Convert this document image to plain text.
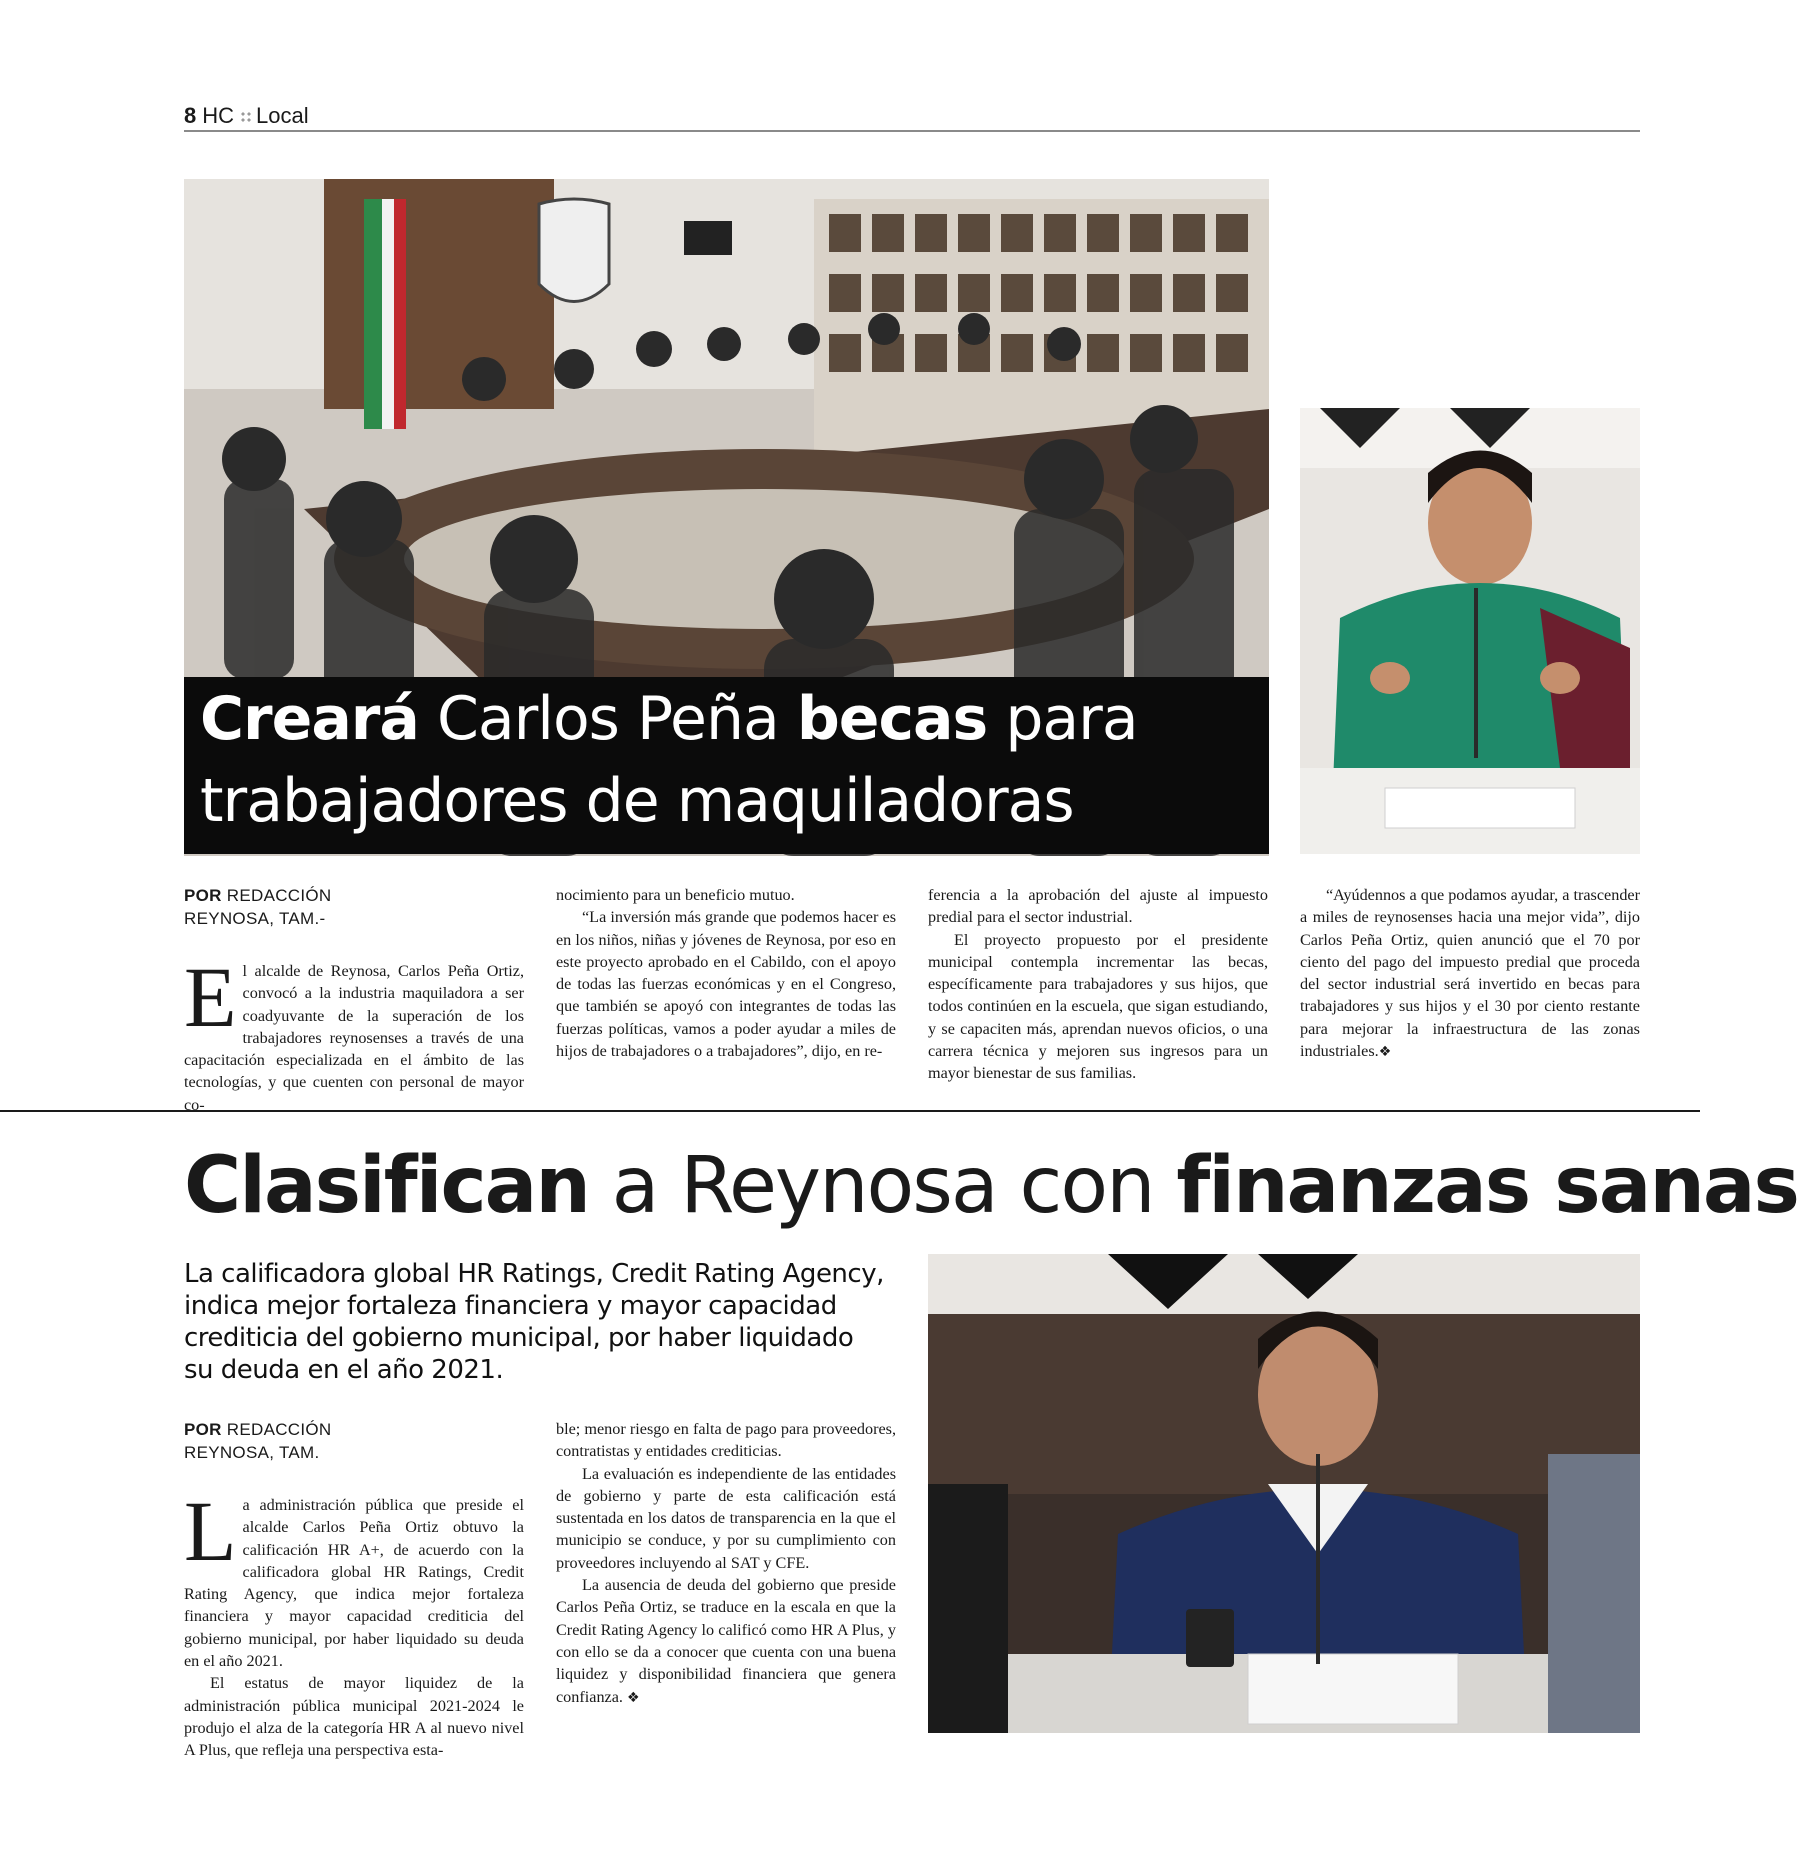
8 HC Local
Creará Carlos Peña becas para
trabajadores de maquiladoras
POR REDACCIÓN
REYNOSA, TAM.-

El alcalde de Reynosa, Carlos Peña Ortiz, convocó a la industria maquiladora a ser coadyuvante de la superación de los trabajadores reynosenses a través de una capacitación especializada en el ámbito de las tecnologías, y que cuenten con personal de mayor co-

nocimiento para un beneficio mutuo.

“La inversión más grande que podemos hacer es en los niños, niñas y jóvenes de Reynosa, por eso en este proyecto aprobado en el Cabildo, con el apoyo de todas las fuerzas económicas y en el Congreso, que también se apoyó con integrantes de todas las fuerzas políticas, vamos a poder ayudar a miles de hijos de trabajadores o a trabajadores”, dijo, en re-

ferencia a la aprobación del ajuste al impuesto predial para el sector industrial.

El proyecto propuesto por el presidente municipal contempla incrementar las becas, específicamente para trabajadores y sus hijos, que todos continúen en la escuela, que sigan estudiando, y se capaciten más, aprendan nuevos oficios, o una carrera técnica y mejoren sus ingresos para un mayor bienestar de sus familias.

“Ayúdennos a que podamos ayudar, a trascender a miles de reynosenses hacia una mejor vida”, dijo Carlos Peña Ortiz, quien anunció que el 70 por ciento del pago del impuesto predial que proceda del sector industrial será invertido en becas para trabajadores y sus hijos y el 30 por ciento restante para mejorar la infraestructura de las zonas industriales.❖

Clasifican a Reynosa con finanzas sanas
La calificadora global HR Ratings, Credit Rating Agency, indica mejor fortaleza financiera y mayor capacidad crediticia del gobierno municipal, por haber liquidado su deuda en el año 2021.
POR REDACCIÓN
REYNOSA, TAM.

La administración pública que preside el alcalde Carlos Peña Ortiz obtuvo la calificación HR A+, de acuerdo con la calificadora global HR Ratings, Credit Rating Agency, que indica mejor fortaleza financiera y mayor capacidad crediticia del gobierno municipal, por haber liquidado su deuda en el año 2021.

El estatus de mayor liquidez de la administración pública municipal 2021-2024 le produjo el alza de la categoría HR A al nuevo nivel A Plus, que refleja una perspectiva esta-

ble; menor riesgo en falta de pago para proveedores, contratistas y entidades crediticias.

La evaluación es independiente de las entidades de gobierno y parte de esta calificación está sustentada en los datos de transparencia en la que el municipio se conduce, y por su cumplimiento con proveedores incluyendo al SAT y CFE.

La ausencia de deuda del gobierno que preside Carlos Peña Ortiz, se traduce en la escala en que la Credit Rating Agency lo calificó como HR A Plus, y con ello se da a conocer que cuenta con una buena liquidez y disponibilidad financiera que genera confianza. ❖
